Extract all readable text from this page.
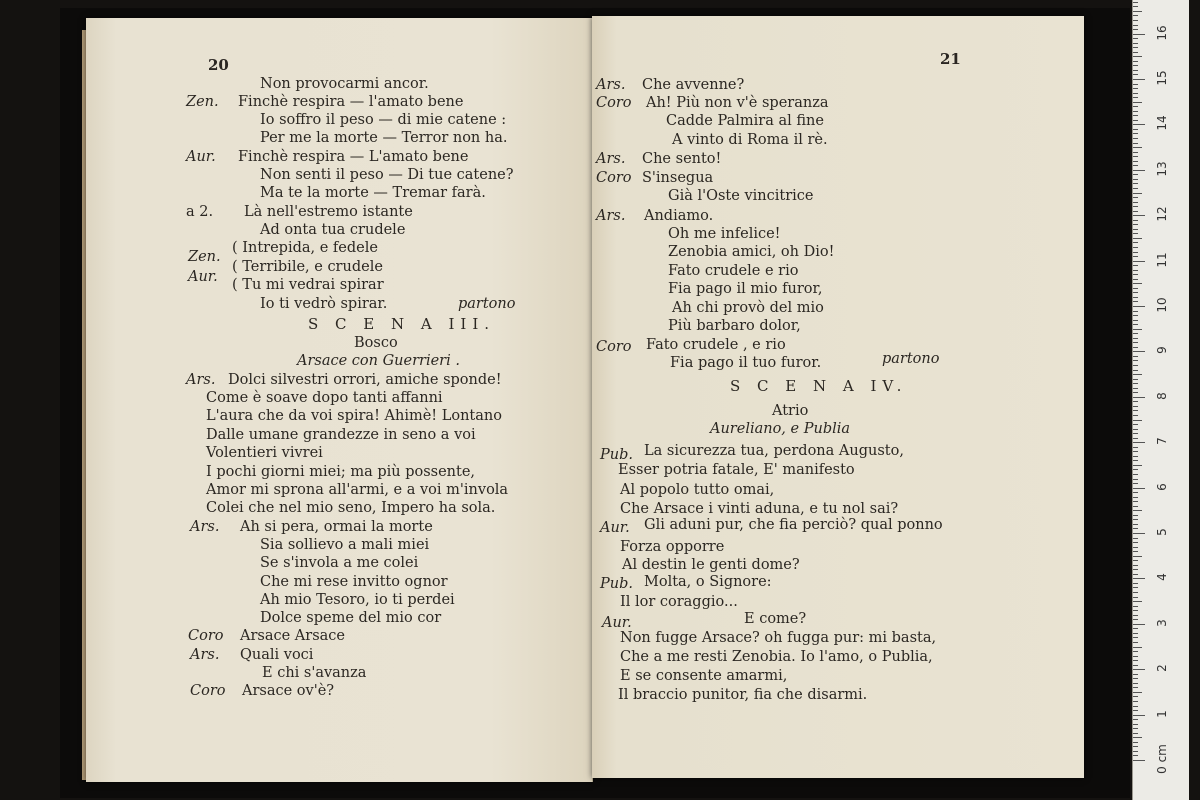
20
Non provocarmi ancor.
Zen. Finchè respira — l'amato bene
Io soffro il peso — di mie catene :
Per me la morte — Terror non ha.
Aur. Finchè respira — L'amato bene
Non senti il peso — Di tue catene?
Ma te la morte — Tremar farà.
a 2. Là nell'estremo istante
Ad onta tua crudele
Zen.
( Intrepida, e fedele
Aur.
( Terribile, e crudele
( Tu mi vedrai spirar
Io ti vedrò spirar.	partono
S C E N A III.
Bosco
Arsace con Guerrieri .
Ars. Dolci silvestri orrori, amiche sponde!
Come è soave dopo tanti affanni
L'aura che da voi spira! Ahimè! Lontano
Dalle umane grandezze in seno a voi
Volentieri vivrei
I pochi giorni miei; ma più possente,
Amor mi sprona all'armi, e a voi m'invola
Colei che nel mio seno, Impero ha sola.
Ars. Ah si pera, ormai la morte
Sia sollievo a mali miei
Se s'invola a me colei
Che mi rese invitto ognor
Ah mio Tesoro, io ti perdei
Dolce speme del mio cor
Coro Arsace Arsace
Ars. Quali voci
E chi s'avanza
Coro Arsace ov'è?
21
Ars. Che avvenne?
Coro Ah! Più non v'è speranza
Cadde Palmira al fine
A vinto di Roma il rè.
Ars. Che sento!
Coro S'insegua
Già l'Oste vincitrice
Ars. Andiamo.
Oh me infelice!
Zenobia amici, oh Dio!
Fato crudele e rio
Fia pago il mio furor,
Ah chi provò del mio
Più barbaro dolor,
Coro Fato crudele , e rio
Fia pago il tuo furor.	partono
S C E N A IV.
Atrio
Aureliano, e Publia
Pub. La sicurezza tua, perdona Augusto,
Esser potria fatale, E' manifesto
Al popolo tutto omai,
Che Arsace i vinti aduna, e tu nol sai?
Aur. Gli aduni pur, che fia perciò? qual ponno
Forza opporre
Al destin le genti dome?
Pub. Molta, o Signore:
Il lor coraggio...
Aur.	E come?
Non fugge Arsace? oh fugga pur: mi basta,
Che a me resti Zenobia. Io l'amo, o Publia,
E se consente amarmi,
Il braccio punitor, fia che disarmi.
0 cm
1
2
3
4
5
6
7
8
9
10
11
12
13
14
15
16
